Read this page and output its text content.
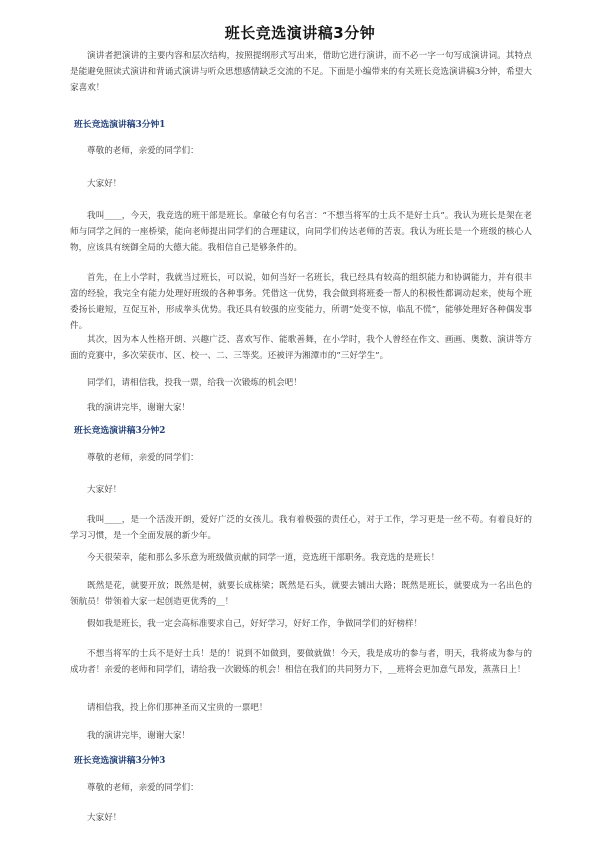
班长竞选演讲稿3分钟

演讲者把演讲的主要内容和层次结构，按照提纲形式写出来，借助它进行演讲，而不必一字一句写成演讲词。其特点是能避免照读式演讲和背诵式演讲与听众思想感情缺乏交流的不足。下面是小编带来的有关班长竞选演讲稿3分钟，希望大家喜欢！

班长竞选演讲稿3分钟1

尊敬的老师，亲爱的同学们：

大家好！

我叫____，今天，我竞选的班干部是班长。拿破仑有句名言：“不想当将军的士兵不是好士兵”。我认为班长是架在老师与同学之间的一座桥梁，能向老师提出同学们的合理建议，向同学们传达老师的苦衷。我认为班长是一个班级的核心人物，应该具有统御全局的大德大能。我相信自己是够条件的。

首先，在上小学时，我就当过班长，可以说，如何当好一名班长，我已经具有较高的组织能力和协调能力，并有很丰富的经验，我完全有能力处理好班级的各种事务。凭借这一优势，我会做到将班委一帮人的积极性都调动起来，使每个班委扬长避短，互促互补，形成拳头优势。我还具有较强的应变能力，所谓“处变不惊，临乱不慌”，能够处理好各种偶发事件。

其次，因为本人性格开朗、兴趣广泛、喜欢写作、能歌善舞，在小学时，我个人曾经在作文、画画、奥数、演讲等方面的竞赛中，多次荣获市、区、校一、二、三等奖。还被评为湘潭市的”三好学生”。

同学们，请相信我，投我一票，给我一次锻炼的机会吧！

我的演讲完毕，谢谢大家！

班长竞选演讲稿3分钟2

尊敬的老师，亲爱的同学们：

大家好！

我叫____，是一个活泼开朗，爱好广泛的女孩儿。我有着极强的责任心，对于工作，学习更是一丝不苟。有着良好的学习习惯，是一个全面发展的新少年。

今天很荣幸，能和那么多乐意为班级做贡献的同学一道，竞选班干部职务。我竞选的是班长！

既然是花，就要开放；既然是树，就要长成栋梁；既然是石头，就要去铺出大路；既然是班长，就要成为一名出色的领航员！带领着大家一起创造更优秀的__！

假如我是班长，我一定会高标准要求自己，好好学习，好好工作，争做同学们的好榜样！

不想当将军的士兵不是好士兵！是的！说到不如做到，要做就做！今天，我是成功的参与者，明天，我将成为参与的成功者！亲爱的老师和同学们，请给我一次锻炼的机会！相信在我们的共同努力下，__班将会更加意气昂发，蒸蒸日上！

请相信我，投上你们那神圣而又宝贵的一票吧！

我的演讲完毕，谢谢大家！

班长竞选演讲稿3分钟3

尊敬的老师，亲爱的同学们：

大家好！
